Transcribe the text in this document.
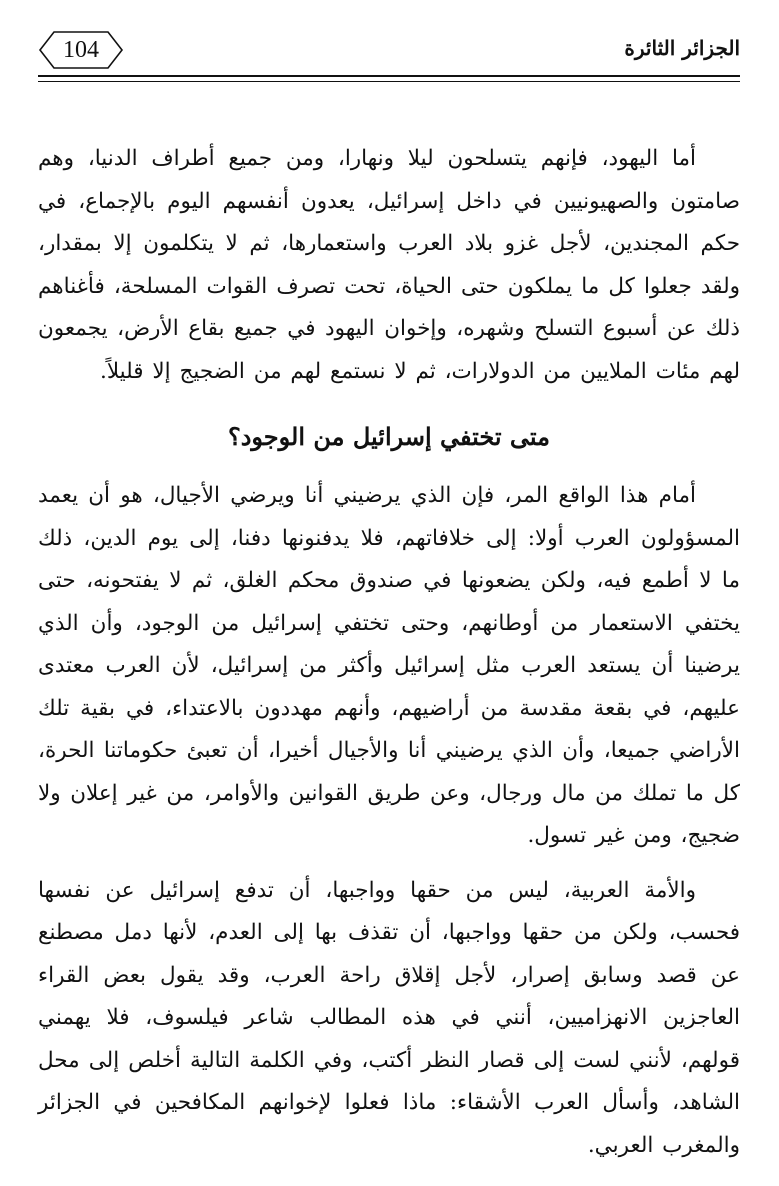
104	الجزائر الثائرة

أما اليهود، فإنهم يتسلحون ليلا ونهارا، ومن جميع أطراف الدنيا، وهم صامتون والصهيونيين في داخل إسرائيل، يعدون أنفسهم اليوم بالإجماع، في حكم المجندين، لأجل غزو بلاد العرب واستعمارها، ثم لا يتكلمون إلا بمقدار، ولقد جعلوا كل ما يملكون حتى الحياة، تحت تصرف القوات المسلحة، فأغناهم ذلك عن أسبوع التسلح وشهره، وإخوان اليهود في جميع بقاع الأرض، يجمعون لهم مئات الملايين من الدولارات، ثم لا نستمع لهم من الضجيج إلا قليلاً.

متى تختفي إسرائيل من الوجود؟

أمام هذا الواقع المر، فإن الذي يرضيني أنا ويرضي الأجيال، هو أن يعمد المسؤولون العرب أولا: إلى خلافاتهم، فلا يدفنونها دفنا، إلى يوم الدين، ذلك ما لا أطمع فيه، ولكن يضعونها في صندوق محكم الغلق، ثم لا يفتحونه، حتى يختفي الاستعمار من أوطانهم، وحتى تختفي إسرائيل من الوجود، وأن الذي يرضينا أن يستعد العرب مثل إسرائيل وأكثر من إسرائيل، لأن العرب معتدى عليهم، في بقعة مقدسة من أراضيهم، وأنهم مهددون بالاعتداء، في بقية تلك الأراضي جميعا، وأن الذي يرضيني أنا والأجيال أخيرا، أن تعبئ حكوماتنا الحرة، كل ما تملك من مال ورجال، وعن طريق القوانين والأوامر، من غير إعلان ولا ضجيج، ومن غير تسول.

والأمة العربية، ليس من حقها وواجبها، أن تدفع إسرائيل عن نفسها فحسب، ولكن من حقها وواجبها، أن تقذف بها إلى العدم، لأنها دمل مصطنع عن قصد وسابق إصرار، لأجل إقلاق راحة العرب، وقد يقول بعض القراء العاجزين الانهزاميين، أنني في هذه المطالب شاعر فيلسوف، فلا يهمني قولهم، لأنني لست إلى قصار النظر أكتب، وفي الكلمة التالية أخلص إلى محل الشاهد، وأسأل العرب الأشقاء: ماذا فعلوا لإخوانهم المكافحين في الجزائر والمغرب العربي.
